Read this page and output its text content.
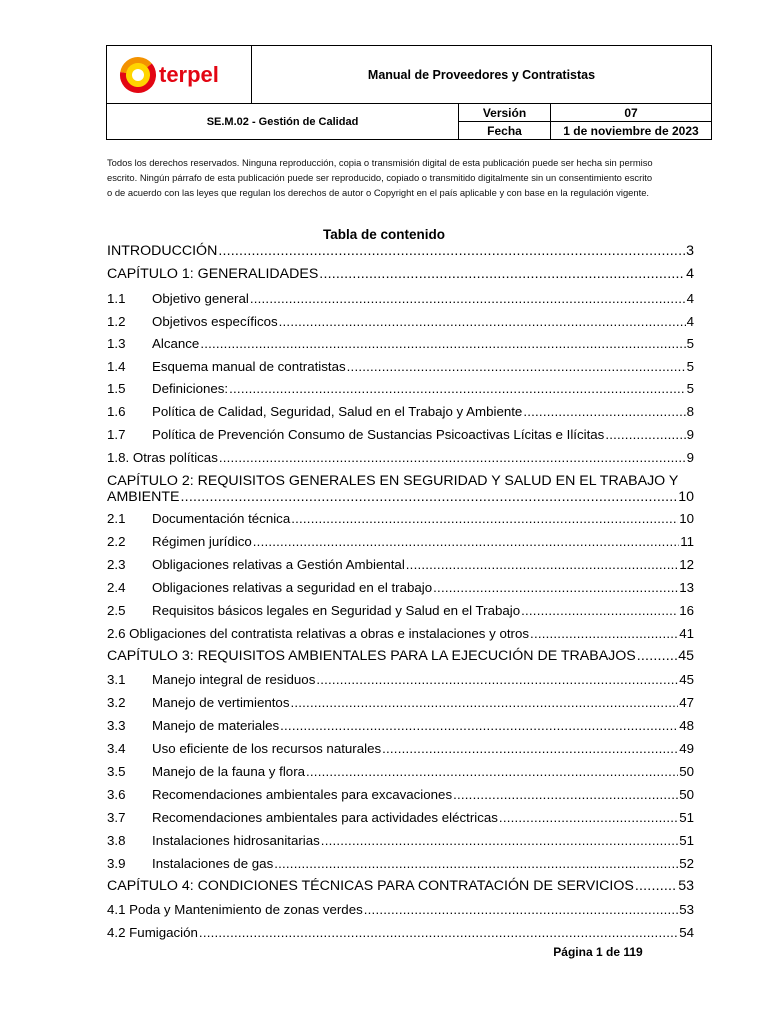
terpel	Manual de Proveedores y Contratistas
SE.M.02 - Gestión de Calidad
Versión	07
Fecha	1 de noviembre de 2023
Todos los derechos reservados. Ninguna reproducción, copia o transmisión digital de esta publicación puede ser hecha sin permiso
escrito. Ningún párrafo de esta publicación puede ser reproducido, copiado o transmitido digitalmente sin un consentimiento escrito
o de acuerdo con las leyes que regulan los derechos de autor o Copyright en el país aplicable y con base en la regulación vigente.
Tabla de contenido
INTRODUCCIÓN .....	3
CAPÍTULO 1: GENERALIDADES .....	4
1.1	Objetivo general .....	4
1.2	Objetivos específicos .....	4
1.3	Alcance .....	5
1.4	Esquema manual de contratistas .....	5
1.5	Definiciones: .....	5
1.6	Política de Calidad, Seguridad, Salud en el Trabajo y Ambiente .....	8
1.7	Política de Prevención Consumo de Sustancias Psicoactivas Lícitas e Ilícitas .....	9
1.8. Otras políticas .....	9
CAPÍTULO 2: REQUISITOS GENERALES EN SEGURIDAD Y SALUD EN EL TRABAJO Y
AMBIENTE .....	10
2.1	Documentación técnica .....	10
2.2	Régimen jurídico .....	11
2.3	Obligaciones relativas a Gestión Ambiental .....	12
2.4	Obligaciones relativas a seguridad en el trabajo .....	13
2.5	Requisitos básicos legales en Seguridad y Salud en el Trabajo .....	16
2.6 Obligaciones del contratista relativas a obras e instalaciones y otros .....	41
CAPÍTULO 3: REQUISITOS AMBIENTALES PARA LA EJECUCIÓN DE TRABAJOS .....	45
3.1	Manejo integral de residuos .....	45
3.2	Manejo de vertimientos .....	47
3.3	Manejo de materiales .....	48
3.4	Uso eficiente de los recursos naturales .....	49
3.5	Manejo de la fauna y flora .....	50
3.6	Recomendaciones ambientales para excavaciones .....	50
3.7	Recomendaciones ambientales para actividades eléctricas .....	51
3.8	Instalaciones hidrosanitarias .....	51
3.9	Instalaciones de gas .....	52
CAPÍTULO 4: CONDICIONES TÉCNICAS PARA CONTRATACIÓN DE SERVICIOS .....	53
4.1 Poda y Mantenimiento de zonas verdes .....	53
4.2 Fumigación .....	54
Página 1 de 119
